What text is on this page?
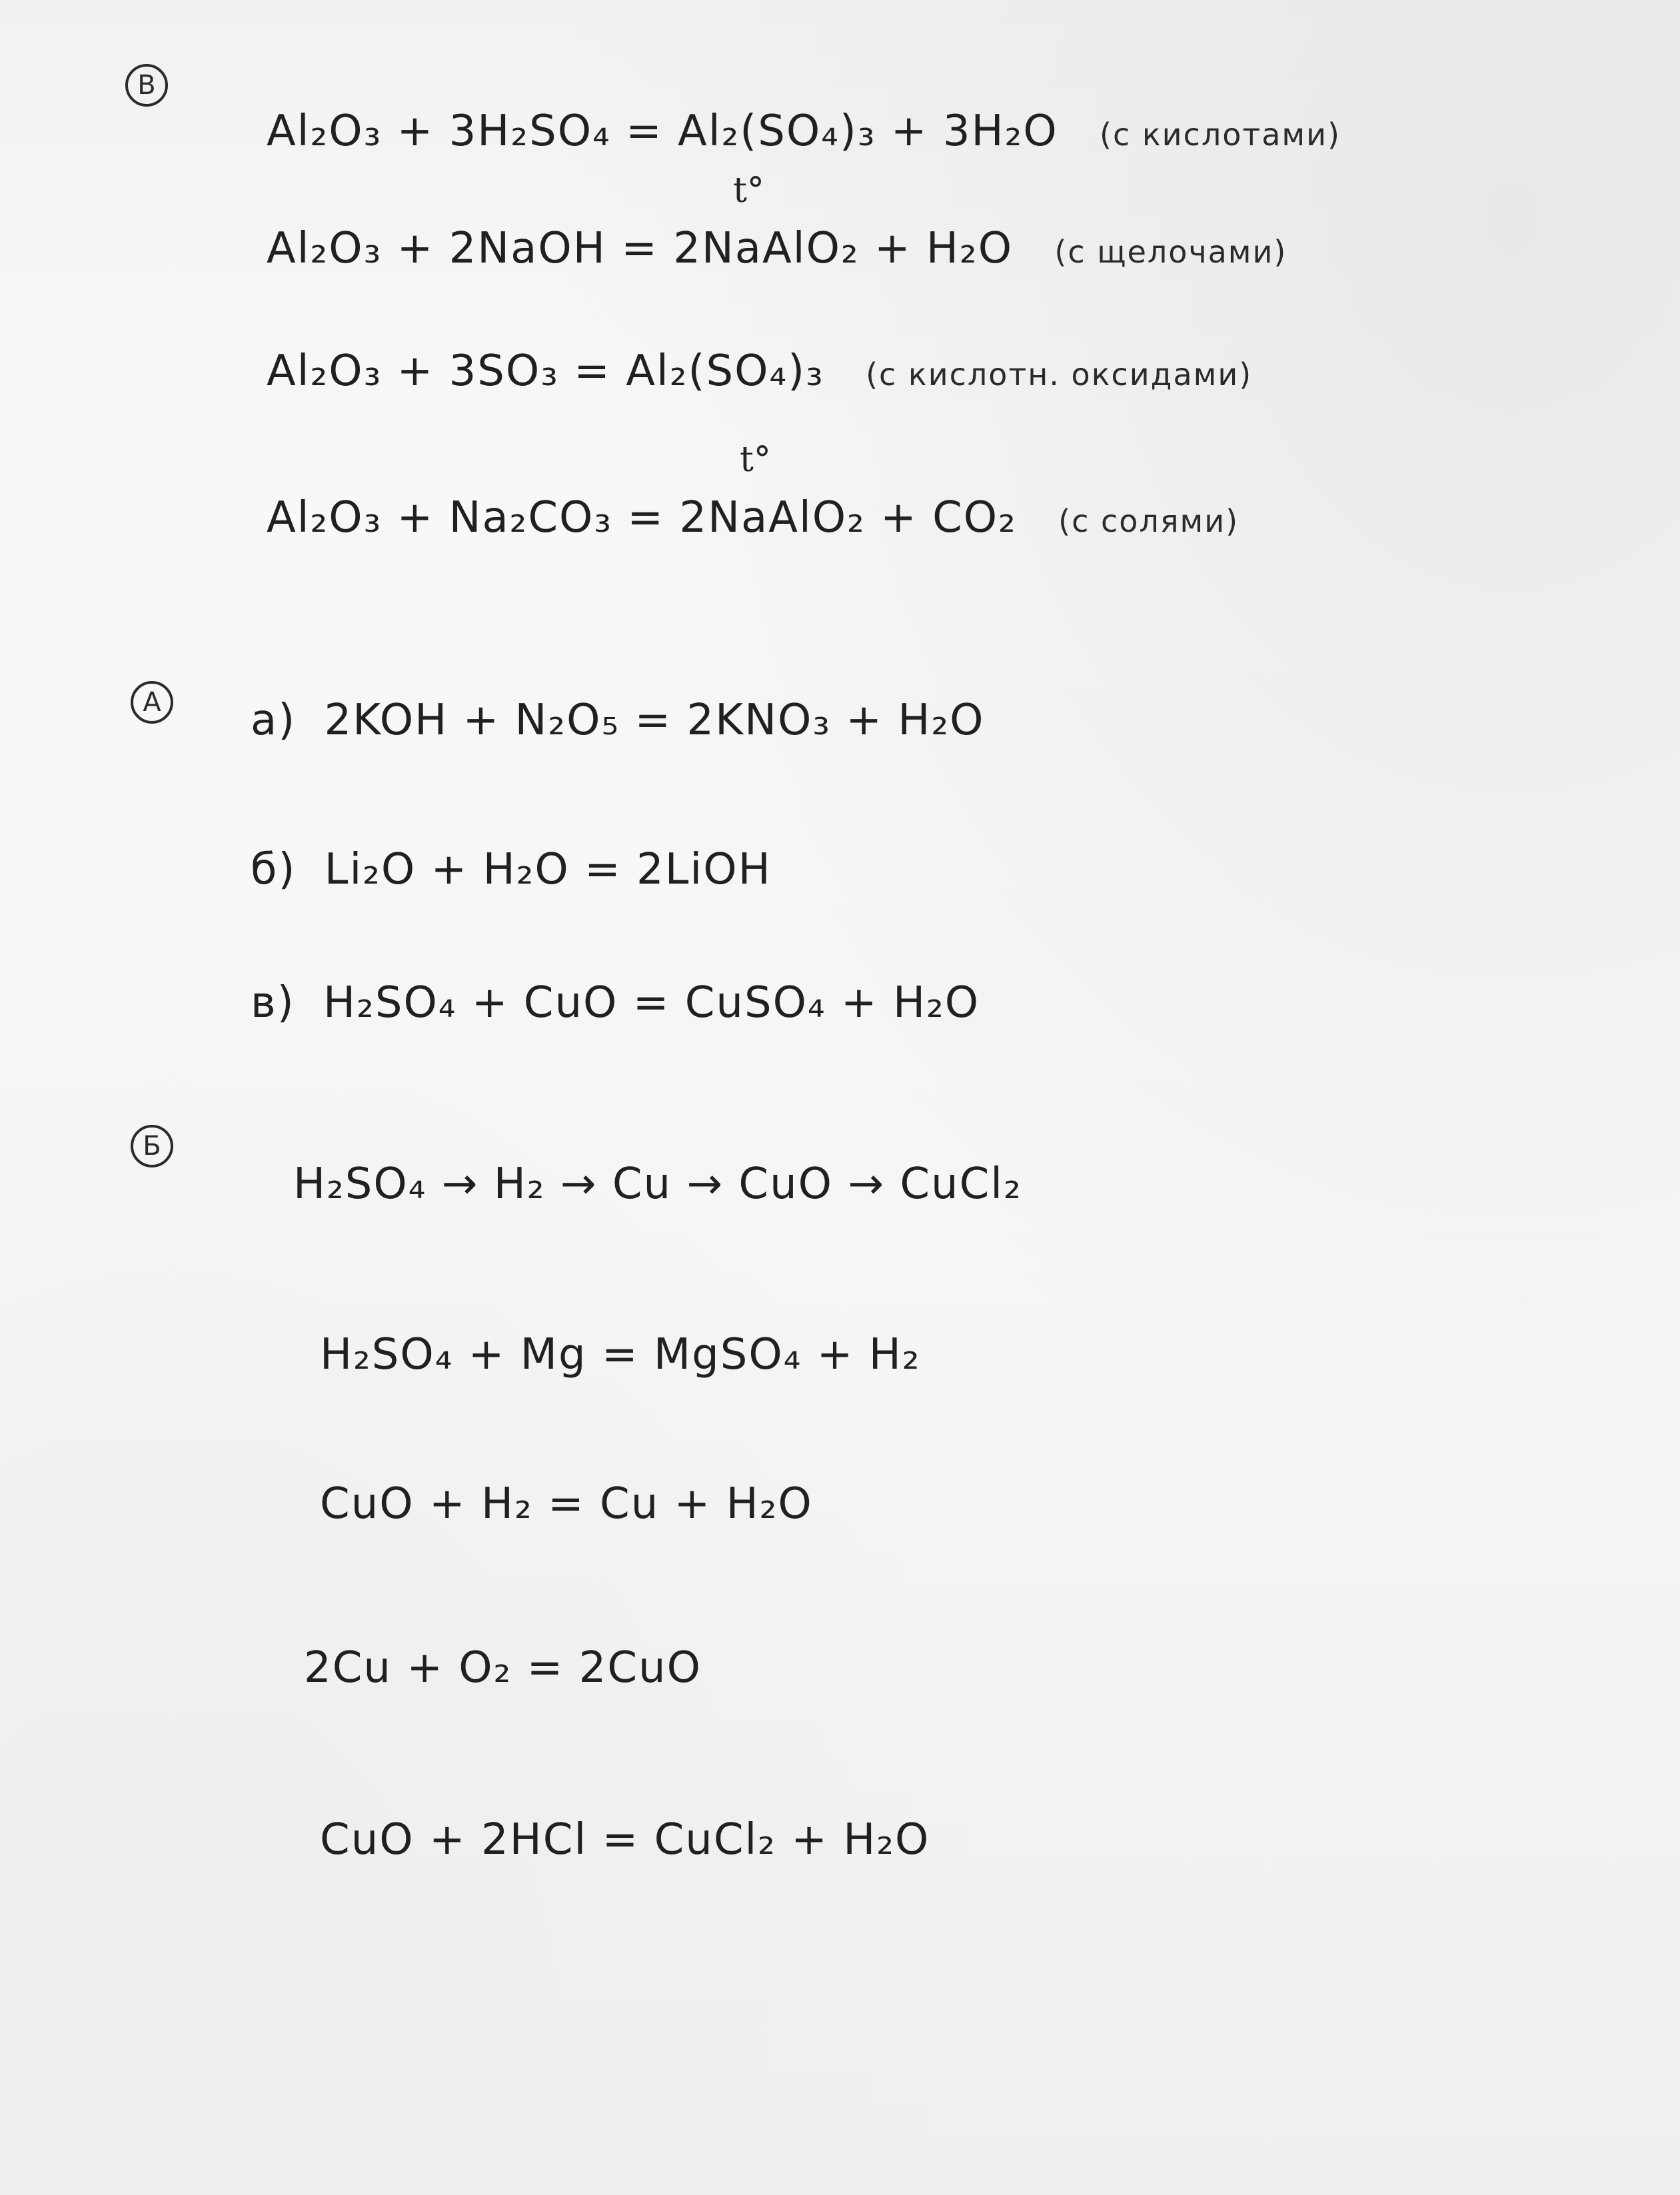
В
Al₂O₃ + 3H₂SO₄ = Al₂(SO₄)₃ + 3H₂O (с кислотами)
t°
Al₂O₃ + 2NaOH = 2NaAlO₂ + H₂O (с щелочами)
Al₂O₃ + 3SO₃ = Al₂(SO₄)₃ (с кислотн. оксидами)
t°
Al₂O₃ + Na₂CO₃ = 2NaAlO₂ + CO₂ (с солями)
А а) 2KOH + N₂O₅ = 2KNO₃ + H₂O
б) Li₂O + H₂O = 2LiOH
в) H₂SO₄ + CuO = CuSO₄ + H₂O
Б
H₂SO₄ → H₂ → Cu → CuO → CuCl₂
H₂SO₄ + Mg = MgSO₄ + H₂
CuO + H₂ = Cu + H₂O
2Cu + O₂ = 2CuO
CuO + 2HCl = CuCl₂ + H₂O
